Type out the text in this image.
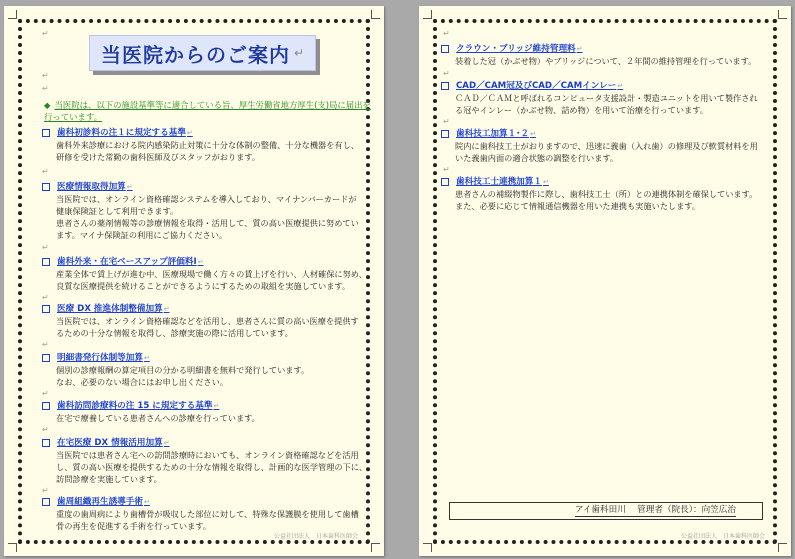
↵
↵
↵
当医院からのご案内 ↵
◆ 当医院は、以下の施設基準等に適合している旨、厚生労働省地方厚生(支)局に届出を行っています。
歯科初診料の注１に規定する基準 ↵
歯科外来診療における院内感染防止対策に十分な体制の整備、十分な機器を有し、
研修を受けた常勤の歯科医師及びスタッフがおります。
↵
医療情報取得加算 ↵
当医院では、オンライン資格確認システムを導入しており、マイナンバーカードが
健康保険証として利用できます。
患者さんの薬剤情報等の診療情報を取得・活用して、質の高い医療提供に努めてい
ます。マイナ保険証の利用にご協力ください。
↵
歯科外来・在宅ベースアップ評価料Ⅰ ↵
産業全体で賃上げが進む中、医療現場で働く方々の賃上げを行い、人材確保に努め、
良質な医療提供を続けることができるようにするための取組を実施しています。
↵
医療 DX 推進体制整備加算 ↵
当医院では、オンライン資格確認などを活用し、患者さんに質の高い医療を提供す
るための十分な情報を取得し、診療実施の際に活用しています。
↵
明細書発行体制等加算 ↵
個別の診療報酬の算定項目の分かる明細書を無料で発行しています。
なお、必要のない場合にはお申し出ください。
↵
歯科訪問診療料の注 15 に規定する基準 ↵
在宅で療養している患者さんへの診療を行っています。
↵
在宅医療 DX 情報活用加算 ↵
当医院では患者さん宅への訪問診療時においても、オンライン資格確認などを活用
し、質の高い医療を提供するための十分な情報を取得し、計画的な医学管理の下に、
訪問診療を実施しています。
↵
歯周組織再生誘導手術 ↵
重度の歯周病により歯槽骨が吸収した部位に対して、特殊な保護膜を使用して歯槽
骨の再生を促進する手術を行っています。
公益社団法人　日本歯科医師会
↵
クラウン・ブリッジ維持管理料 ↵
装着した冠（かぶせ物）やブリッジについて、２年間の維持管理を行っています。
↵
CAD／CAM冠及びCAD／CAMインレー ↵
ＣＡＤ／ＣＡＭと呼ばれるコンピュータ支援設計・製造ユニットを用いて製作され
る冠やインレー（かぶせ物、詰め物）を用いて治療を行っています。
↵
歯科技工加算１･２ ↵
院内に歯科技工士がおりますので、迅速に義歯（入れ歯）の修理及び軟質材料を用
いた義歯内面の適合状態の調整を行います。
↵
歯科技工士連携加算１ ↵
患者さんの補綴物製作に際し、歯科技工士（所）との連携体制を確保しています。
また、必要に応じて情報通信機器を用いた連携も実施いたします。
アイ歯科田川　 管理者（院長）：向笠広治
公益社団法人　日本歯科医師会
